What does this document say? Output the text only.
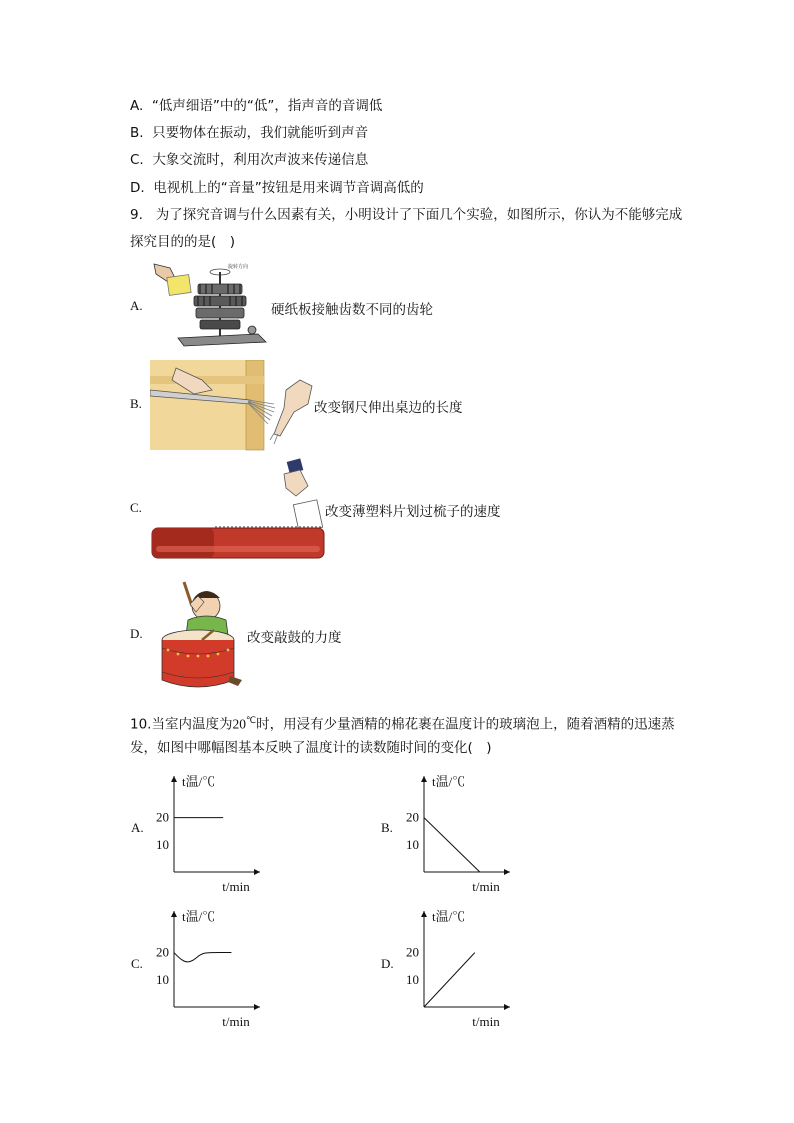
A. “低声细语”中的“低”，指声音的音调低
B. 只要物体在振动，我们就能听到声音
C. 大象交流时，利用次声波来传递信息
D. 电视机上的“音量”按钮是用来调节音调高低的
9. 为了探究音调与什么因素有关，小明设计了下面几个实验，如图所示，你认为不能够完成
探究目的的是(　)
A.
旋转方向
硬纸板接触齿数不同的齿轮
B.	改变钢尺伸出桌边的长度
C.	改变薄塑料片划过梳子的速度
D.	改变敲鼓的力度
10.当室内温度为20℃时，用浸有少量酒精的棉花裹在温度计的玻璃泡上，随着酒精的迅速蒸
发，如图中哪幅图基本反映了温度计的读数随时间的变化(　)
A.	B.
C.	D.
t温/℃
t/min
10
20
t温/℃
t/min
10
20
t温/℃
t/min
10
20
t温/℃
t/min
10
20
